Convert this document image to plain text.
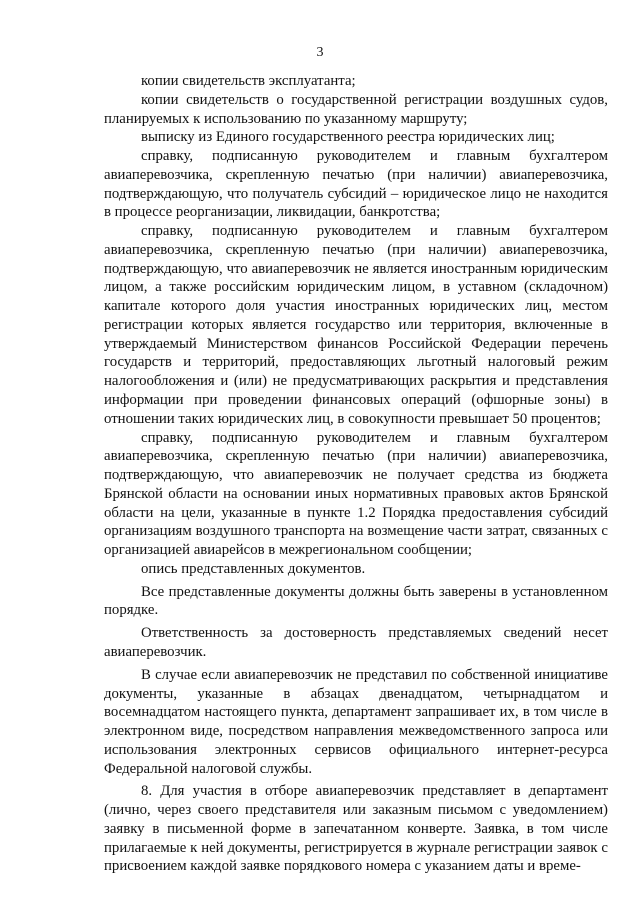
3

копии свидетельств эксплуатанта;

копии свидетельств о государственной регистрации воздушных судов, планируемых к использованию по указанному маршруту;

выписку из Единого государственного реестра юридических лиц;

справку, подписанную руководителем и главным бухгалтером авиаперевозчика, скрепленную печатью (при наличии) авиаперевозчика, подтверждающую, что получатель субсидий – юридическое лицо не находится в процессе реорганизации, ликвидации, банкротства;

справку, подписанную руководителем и главным бухгалтером авиаперевозчика, скрепленную печатью (при наличии) авиаперевозчика, подтверждающую, что авиаперевозчик не является иностранным юридическим лицом, а также российским юридическим лицом, в уставном (складочном) капитале которого доля участия иностранных юридических лиц, местом регистрации которых является государство или территория, включенные в утверждаемый Министерством финансов Российской Федерации перечень государств и территорий, предоставляющих льготный налоговый режим налогообложения и (или) не предусматривающих раскрытия и представления информации при проведении финансовых операций (офшорные зоны) в отношении таких юридических лиц, в совокупности превышает 50 процентов;

справку, подписанную руководителем и главным бухгалтером авиаперевозчика, скрепленную печатью (при наличии) авиаперевозчика, подтверждающую, что авиаперевозчик не получает средства из бюджета Брянской области на основании иных нормативных правовых актов Брянской области на цели, указанные в пункте 1.2 Порядка предоставления субсидий организациям воздушного транспорта на возмещение части затрат, связанных с организацией авиарейсов в межрегиональном сообщении;

опись представленных документов.

Все представленные документы должны быть заверены в установленном порядке.

Ответственность за достоверность представляемых сведений несет авиаперевозчик.

В случае если авиаперевозчик не представил по собственной инициативе документы, указанные в абзацах двенадцатом, четырнадцатом и восемнадцатом настоящего пункта, департамент запрашивает их, в том числе в электронном виде, посредством направления межведомственного запроса или использования электронных сервисов официального интернет-ресурса Федеральной налоговой службы.

8. Для участия в отборе авиаперевозчик представляет в департамент (лично, через своего представителя или заказным письмом с уведомлением) заявку в письменной форме в запечатанном конверте. Заявка, в том числе прилагаемые к ней документы, регистрируется в журнале регистрации заявок с присвоением каждой заявке порядкового номера с указанием даты и време-
